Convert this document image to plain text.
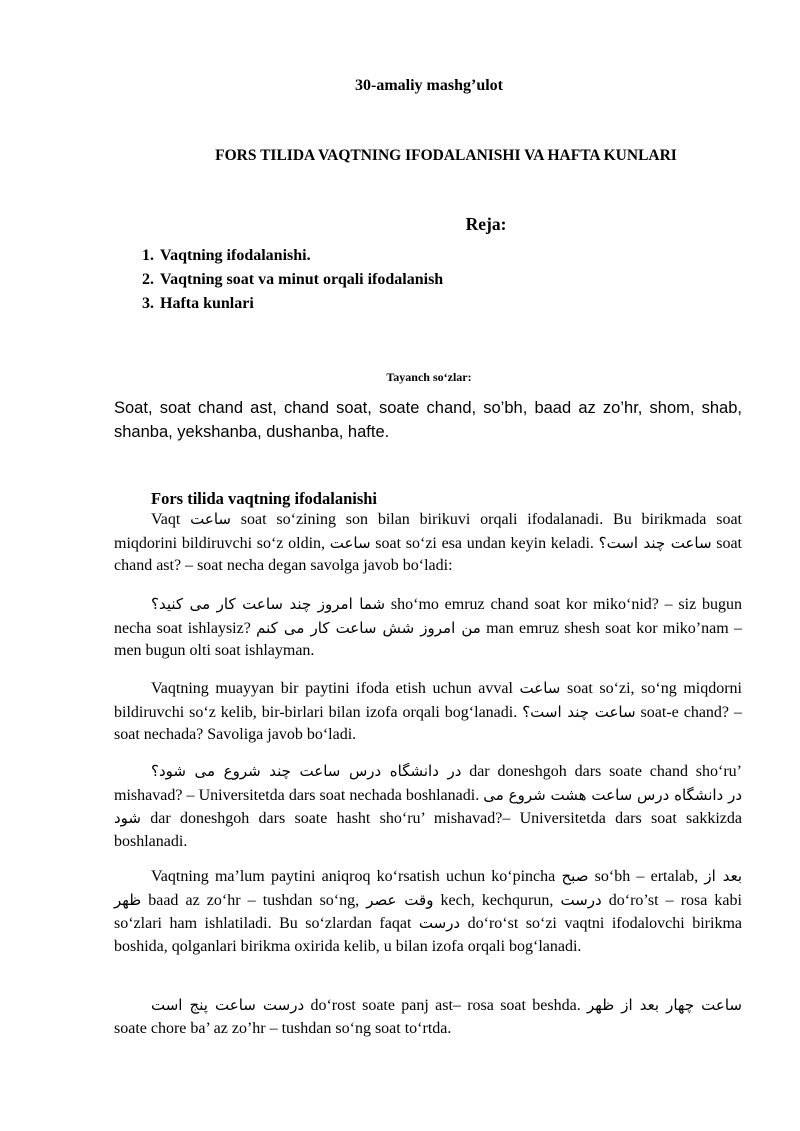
30-amaliy mashg’ulot
FORS TILIDA VAQTNING IFODALANISHI VA HAFTA KUNLARI
Reja:
1. Vaqtning ifodalanishi.
2. Vaqtning soat va minut orqali ifodalanish
3. Hafta kunlari
Tayanch so‘zlar:
Soat, soat chand ast, chand soat, soate chand, so’bh, baad az zo’hr, shom, shab, shanba, yekshanba, dushanba, hafte.
Fors tilida vaqtning ifodalanishi

Vaqt ساعت soat so‘zining son bilan birikuvi orqali ifodalanadi. Bu birikmada soat miqdorini bildiruvchi so‘z oldin, ساعت soat so‘zi esa undan keyin keladi. ساعت چند است؟ soat chand ast? – soat necha degan savolga javob bo‘ladi:

شما امروز چند ساعت کار می کنید؟ sho‘mo emruz chand soat kor miko‘nid? – siz bugun necha soat ishlaysiz? من امروز شش ساعت کار می کنم man emruz shesh soat kor miko’nam – men bugun olti soat ishlayman.

Vaqtning muayyan bir paytini ifoda etish uchun avval ساعت soat so‘zi, so‘ng miqdorni bildiruvchi so‘z kelib, bir-birlari bilan izofa orqali bog‘lanadi. ساعت چند است؟ soat-e chand? – soat nechada? Savoliga javob bo‘ladi.

در دانشگاه درس ساعت چند شروع می شود؟ dar doneshgoh dars soate chand sho‘ru’ mishavad? – Universitetda dars soat nechada boshlanadi. در دانشگاه درس ساعت هشت شروع می شود dar doneshgoh dars soate hasht sho‘ru’ mishavad?– Universitetda dars soat sakkizda boshlanadi.

Vaqtning ma’lum paytini aniqroq ko‘rsatish uchun ko‘pincha صبح so‘bh – ertalab, بعد از ظهر baad az zo‘hr – tushdan so‘ng, وقت عصر kech, kechqurun, درست do‘ro’st – rosa kabi so‘zlari ham ishlatiladi. Bu so‘zlardan faqat درست do‘ro‘st so‘zi vaqtni ifodalovchi birikma boshida, qolganlari birikma oxirida kelib, u bilan izofa orqali bog‘lanadi.

درست ساعت پنج است do‘rost soate panj ast– rosa soat beshda. ساعت چهار بعد از ظهر soate chore ba’ az zo’hr – tushdan so‘ng soat to‘rtda.
